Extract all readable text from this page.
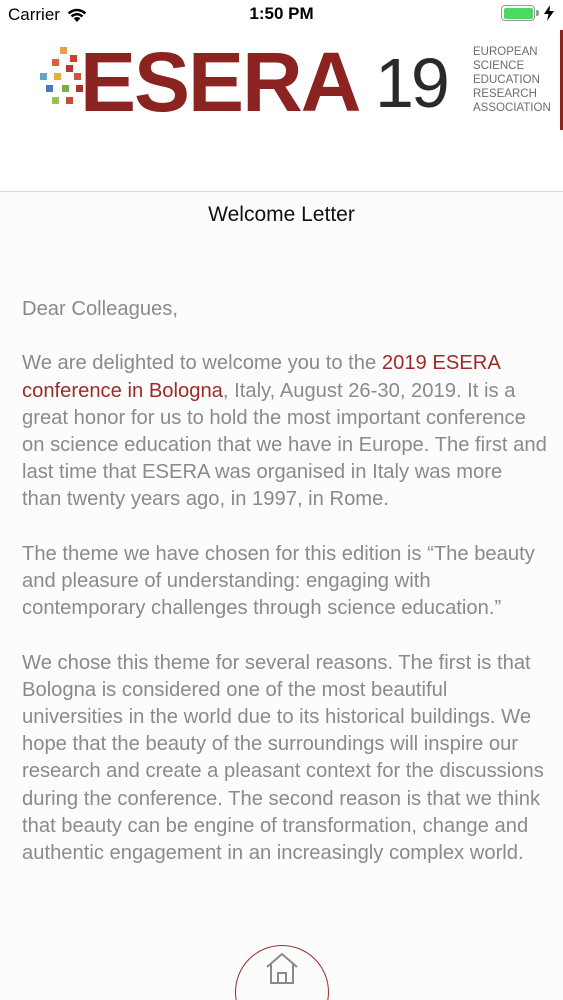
Carrier	1:50 PM
ESERA 19 EUROPEAN
SCIENCE
EDUCATION
RESEARCH
ASSOCIATION
Welcome Letter

Dear Colleagues,

We are delighted to welcome you to the 2019 ESERA conference in Bologna, Italy, August 26-30, 2019. It is a great honor for us to hold the most important conference on science education that we have in Europe. The first and last time that ESERA was organised in Italy was more than twenty years ago, in 1997, in Rome.

The theme we have chosen for this edition is “The beauty and pleasure of understanding: engaging with contemporary challenges through science education.”

We chose this theme for several reasons. The first is that Bologna is considered one of the most beautiful universities in the world due to its historical buildings. We hope that the beauty of the surroundings will inspire our research and create a pleasant context for the discussions during the conference. The second reason is that we think that beauty can be engine of transformation, change and authentic engagement in an increasingly complex world.
